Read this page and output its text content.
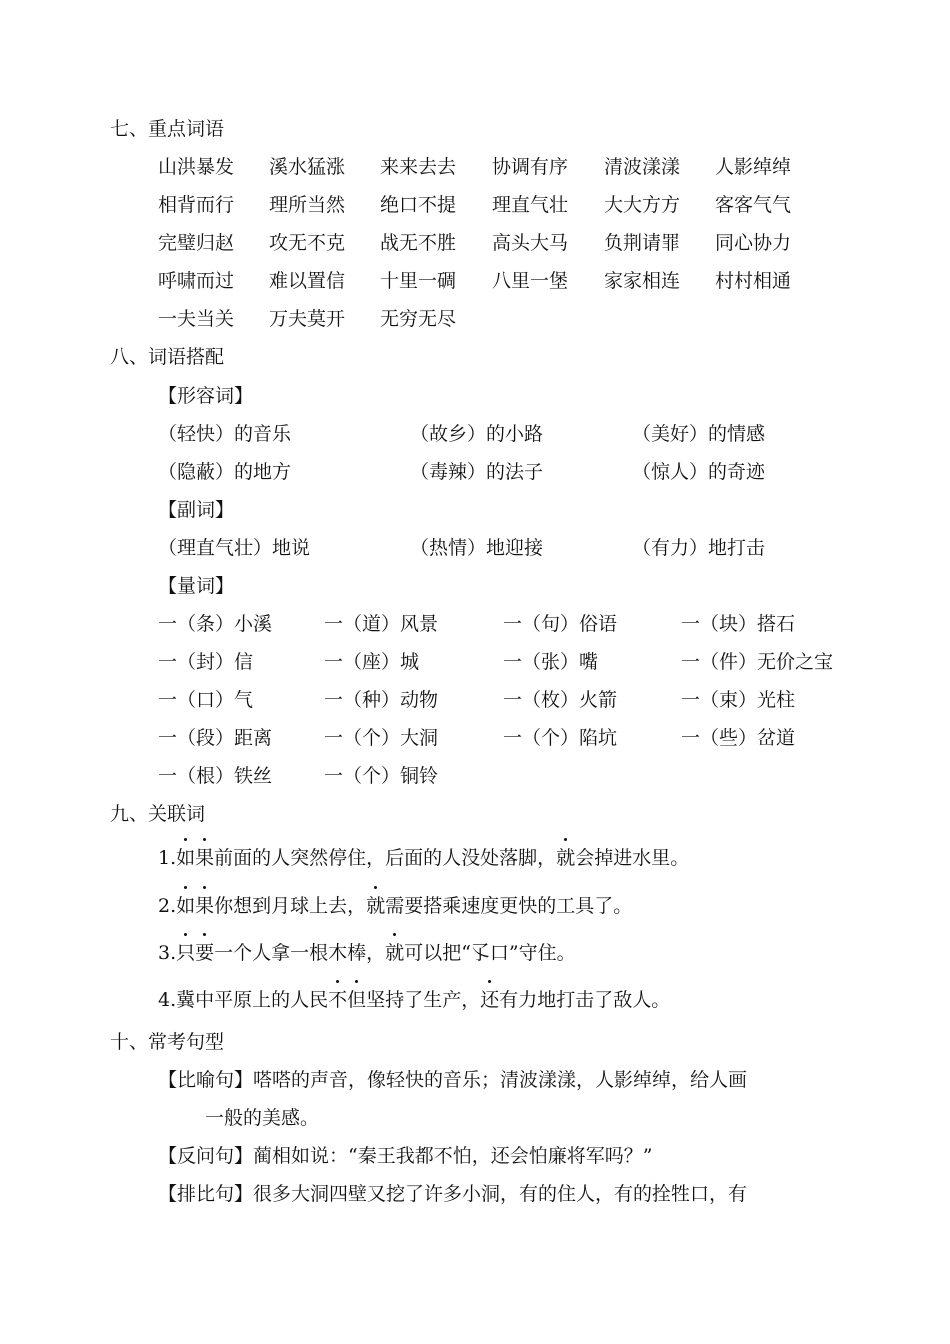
七、重点词语
山洪暴发 溪水猛涨 来来去去 协调有序 清波漾漾 人影绰绰
相背而行 理所当然 绝口不提 理直气壮 大大方方 客客气气
完璧归赵 攻无不克 战无不胜 高头大马 负荆请罪 同心协力
呼啸而过 难以置信 十里一碉 八里一堡 家家相连 村村相通
一夫当关 万夫莫开 无穷无尽
八、词语搭配
【形容词】
（轻快）的音乐	（故乡）的小路	（美好）的情感
（隐蔽）的地方	（毒辣）的法子	（惊人）的奇迹
【副词】
（理直气壮）地说	（热情）地迎接	（有力）地打击
【量词】
一（条）小溪	一（道）风景	一（句）俗语	一（块）搭石
一（封）信	一（座）城	一（张）嘴	一（件）无价之宝
一（口）气	一（种）动物	一（枚）火箭	一（束）光柱
一（段）距离	一（个）大洞	一（个）陷坑	一（些）岔道
一（根）铁丝	一（个）铜铃
九、关联词
1.如果前面的人突然停住，后面的人没处落脚，就会掉进水里。
2.如果你想到月球上去，就需要搭乘速度更快的工具了。
3.只要一个人拿一根木棒，就可以把“孓口”守住。
4.冀中平原上的人民不但坚持了生产，还有力地打击了敌人。
十、常考句型
【比喻句】嗒嗒的声音，像轻快的音乐；清波漾漾，人影绰绰，给人画
一般的美感。
【反问句】蔺相如说：“秦王我都不怕，还会怕廉将军吗？”
【排比句】很多大洞四壁又挖了许多小洞，有的住人，有的拴牲口，有
